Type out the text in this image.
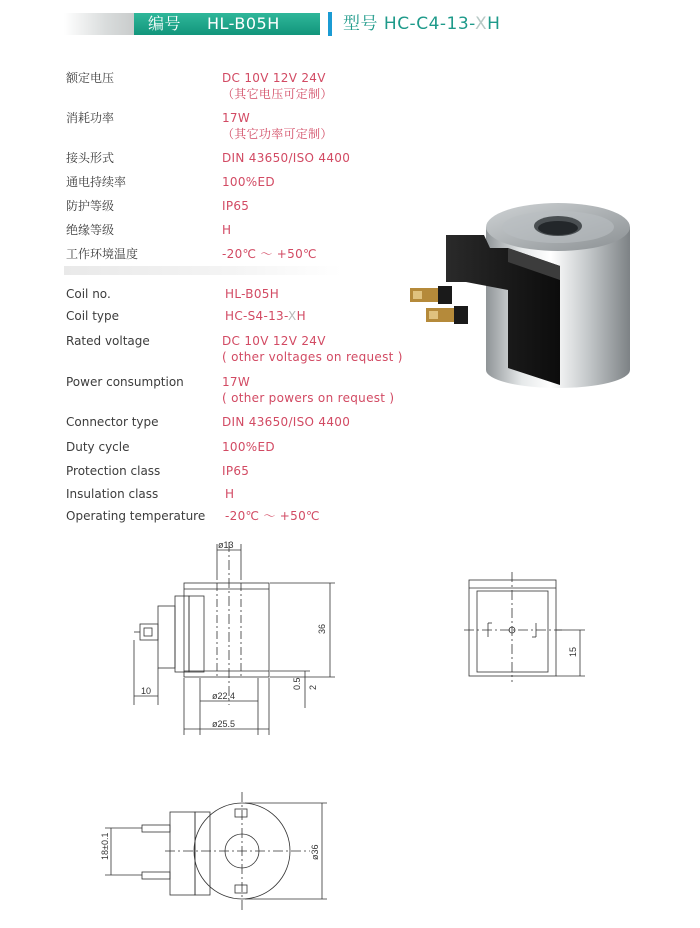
编号 HL-B05H	型号 HC-C4-13-XH
额定电压	DC 10V 12V 24V
（其它电压可定制）
消耗功率	17W
（其它功率可定制）
接头形式	DIN 43650/ISO 4400
通电持续率	100%ED
防护等级	IP65
绝缘等级	H
工作环境温度	-20℃ ～ +50℃
Coil no.	HL-B05H
Coil type	HC-S4-13-XH
Rated voltage	DC 10V 12V 24V
( other voltages on request )
Power consumption	17W
( other powers on request )
Connector type	DIN 43650/ISO 4400
Duty cycle	100%ED
Protection class	IP65
Insulation class	H
Operating temperature -20℃ ～ +50℃
ø13
36
0.5 2
ø22.4
ø25.5
10
15
18±0.1	ø36
